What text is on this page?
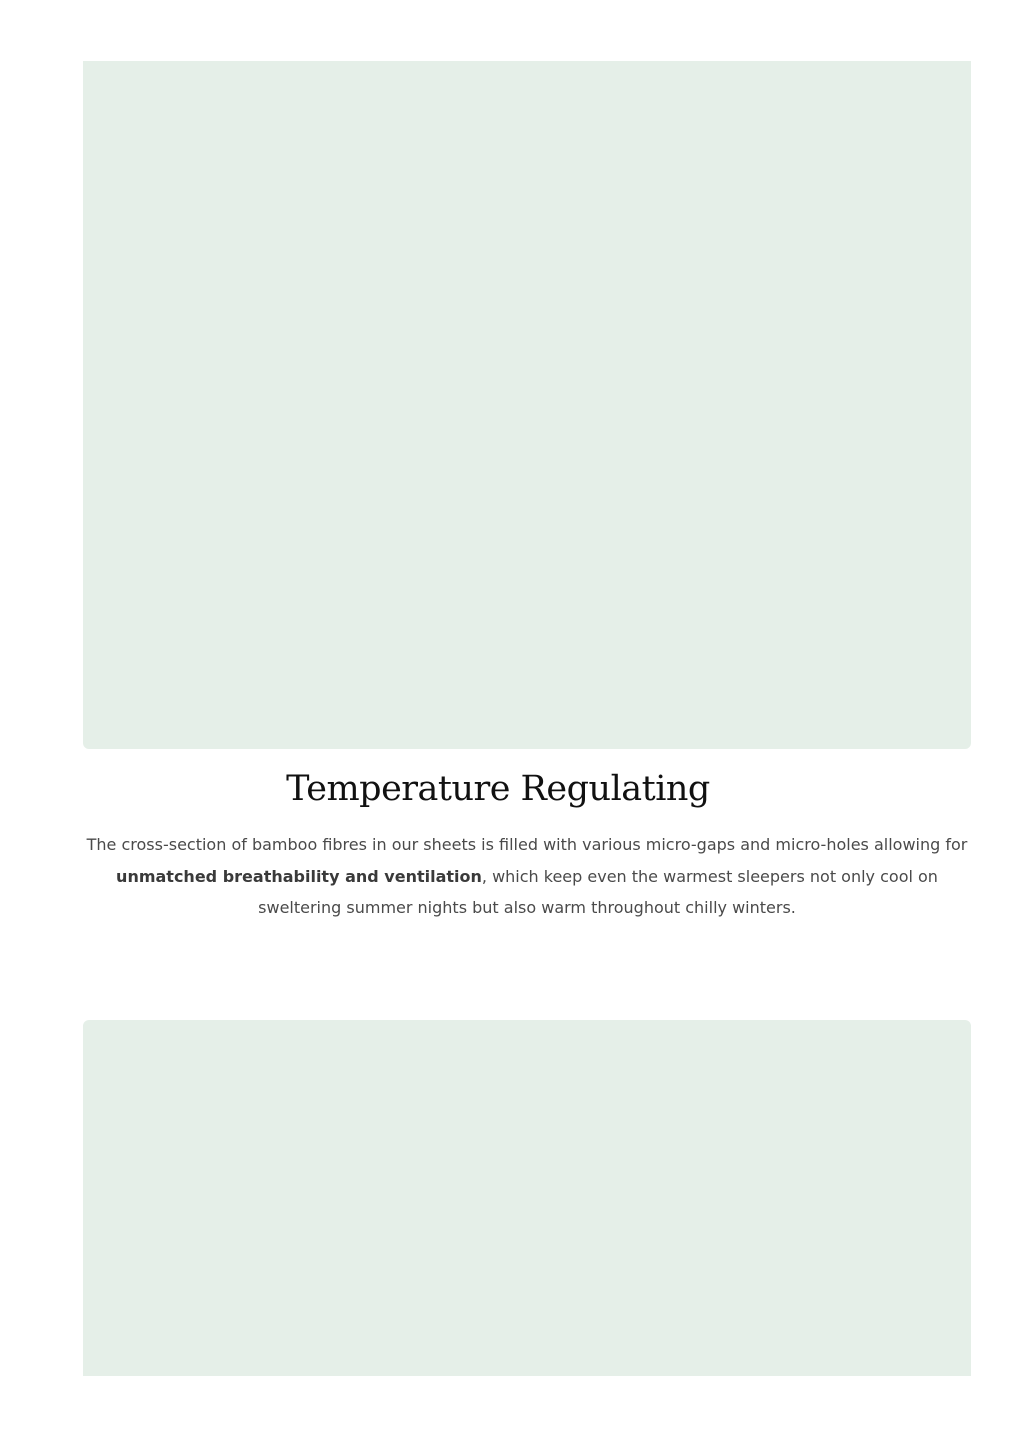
Temperature Regulating

The cross-section of bamboo fibres in our sheets is filled with various micro-gaps and micro-holes allowing for unmatched breathability and ventilation, which keep even the warmest sleepers not only cool on sweltering summer nights but also warm throughout chilly winters.
